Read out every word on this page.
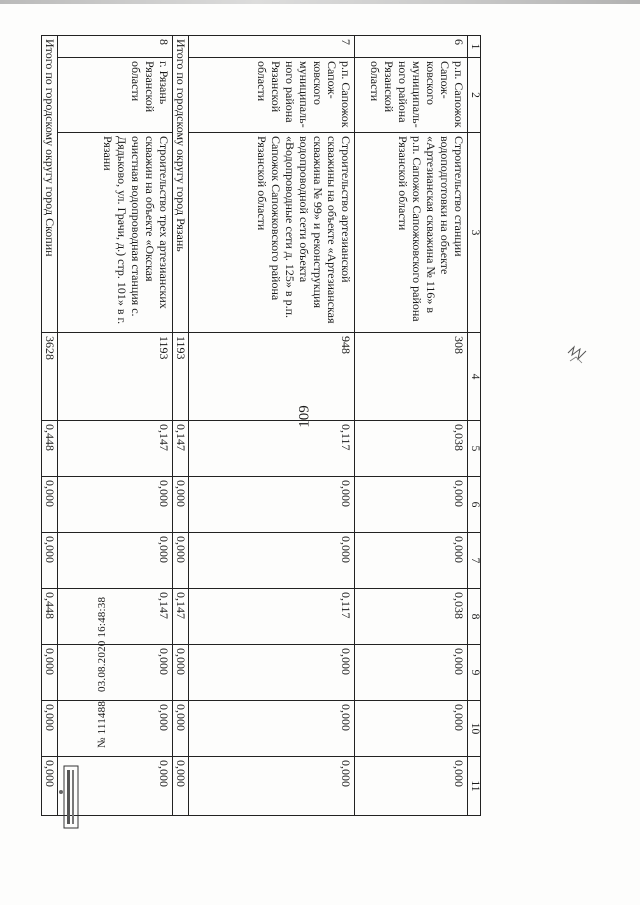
109
1	2	3	4	5	6	7	8	9	10	11
6	р.п. Сапожок Сапож-ковского муниципаль-ного района Рязанской области	Строительство станции водоподготовки на объекте «Артезианская скважина № 116» в р.п. Сапожок Сапожковского района Рязанской области	308	0,038	0,000	0,000	0,038	0,000	0,000	0,000
7	р.п. Сапожок Сапож-ковского муниципаль-ного района Рязанской области	Строительство артезианской скважины на объекте «Артезианская скважина № 99» и реконструкция водопроводной сети объекта «Водопроводные сети д. 125» в р.п. Сапожок Сапожковского района Рязанской области	948	0,117	0,000	0,000	0,117	0,000	0,000	0,000
Итого по городскому округу город Рязань			1193	0,147	0,000	0,000	0,147	0,000	0,000	0,000
8	г. Рязань Рязанской области	Строительство трех артезианских скважин на объекте «Окская очистная водопроводная станция с. Дядьково, ул. Грачи, д.) стр. 101» в г. Рязани	1193	0,147	0,000	0,000	0,147	0,000	0,000	0,000
Итого по городскому округу город Скопин			3628	0,448	0,000	0,000	0,448	0,000	0,000	0,000
№ 111488 03.08.2020 16:48:38
